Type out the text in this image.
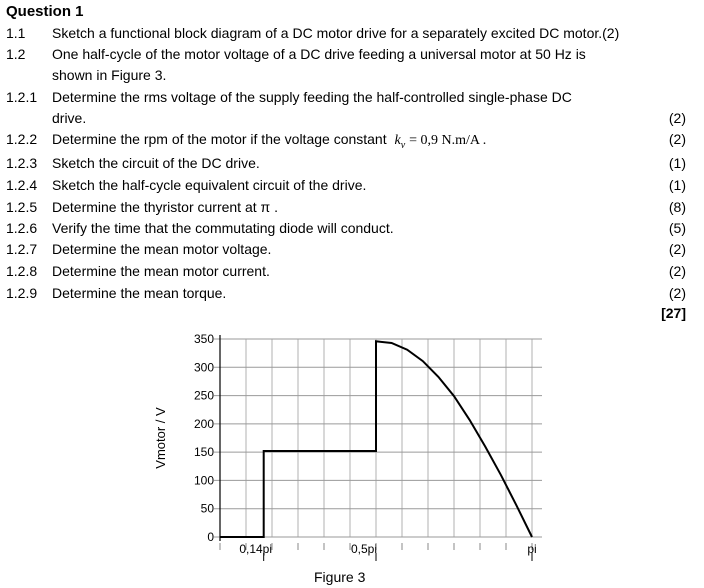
Question 1
1.1 Sketch a functional block diagram of a DC motor drive for a separately excited DC motor.(2)
1.2 One half-cycle of the motor voltage of a DC drive feeding a universal motor at 50 Hz is
shown in Figure 3.
1.2.1 Determine the rms voltage of the supply feeding the half-controlled single-phase DC
drive.	(2)
1.2.2 Determine the rpm of the motor if the voltage constant $k_v = 0,9$ N.m/A .	(2)
1.2.3 Sketch the circuit of the DC drive.	(1)
1.2.4 Sketch the half-cycle equivalent circuit of the drive.	(1)
1.2.5 Determine the thyristor current at π .	(8)
1.2.6 Verify the time that the commutating diode will conduct.	(5)
1.2.7 Determine the mean motor voltage.	(2)
1.2.8 Determine the mean motor current.	(2)
1.2.9 Determine the mean torque.	(2)
[27]
0
50
100
150
200
250
300
350
0,14pi	0,5pi	pi
Vmotor / V
Figure 3
